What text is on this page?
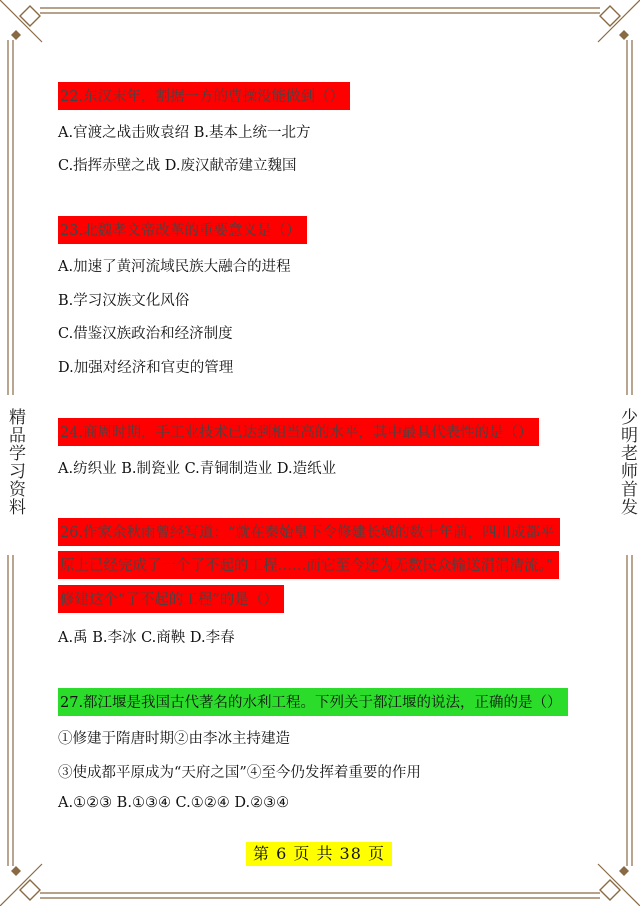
精品学习资料	少明老师首发
22.东汉末年，割据一方的曹操没能做到（）
A.官渡之战击败袁绍 B.基本上统一北方
C.指挥赤壁之战 D.废汉献帝建立魏国
23.北魏孝文帝改革的重要意义是（）
A.加速了黄河流域民族大融合的进程
B.学习汉族文化风俗
C.借鉴汉族政治和经济制度
D.加强对经济和官吏的管理
24.商周时期，手工业技术已达到相当高的水平，其中最具代表性的是（）
A.纺织业 B.制瓷业 C.青铜制造业 D.造纸业
26.作家余秋雨曾经写道：“就在秦始皇下令修建长城的数十年前，四川成都平
原上已经完成了一个了不起的工程……而它至今还为无数民众输送涓涓清流。”
修建这个“了不起的工程”的是（）
A.禹 B.李冰 C.商鞅 D.李春
27.都江堰是我国古代著名的水利工程。下列关于都江堰的说法，正确的是（）
①修建于隋唐时期②由李冰主持建造
③使成都平原成为“天府之国”④至今仍发挥着重要的作用
A.①②③ B.①③④ C.①②④ D.②③④
第 6 页 共 38 页
